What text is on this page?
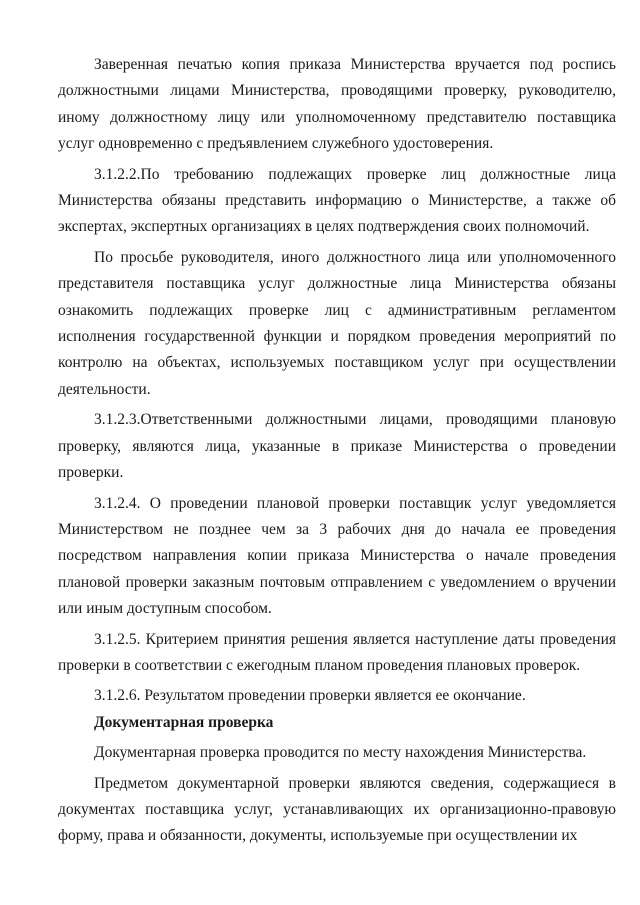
Заверенная печатью копия приказа Министерства вручается под роспись должностными лицами Министерства, проводящими проверку, руководителю, иному должностному лицу или уполномоченному представителю поставщика услуг одновременно с предъявлением служебного удостоверения.

3.1.2.2.По требованию подлежащих проверке лиц должностные лица Министерства обязаны представить информацию о Министерстве, а также об экспертах, экспертных организациях в целях подтверждения своих полномочий.

По просьбе руководителя, иного должностного лица или уполномоченного представителя поставщика услуг должностные лица Министерства обязаны ознакомить подлежащих проверке лиц с административным регламентом исполнения государственной функции и порядком проведения мероприятий по контролю на объектах, используемых поставщиком услуг при осуществлении деятельности.

3.1.2.3.Ответственными должностными лицами, проводящими плановую проверку, являются лица, указанные в приказе Министерства о проведении проверки.

3.1.2.4. О проведении плановой проверки поставщик услуг уведомляется Министерством не позднее чем за 3 рабочих дня до начала ее проведения посредством направления копии приказа Министерства о начале проведения плановой проверки заказным почтовым отправлением с уведомлением о вручении или иным доступным способом.

3.1.2.5. Критерием принятия решения является наступление даты проведения проверки в соответствии с ежегодным планом проведения плановых проверок.

3.1.2.6. Результатом проведении проверки является ее окончание.

Документарная проверка

Документарная проверка проводится по месту нахождения Министерства.

Предметом документарной проверки являются сведения, содержащиеся в документах поставщика услуг, устанавливающих их организационно-правовую форму, права и обязанности, документы, используемые при осуществлении их
